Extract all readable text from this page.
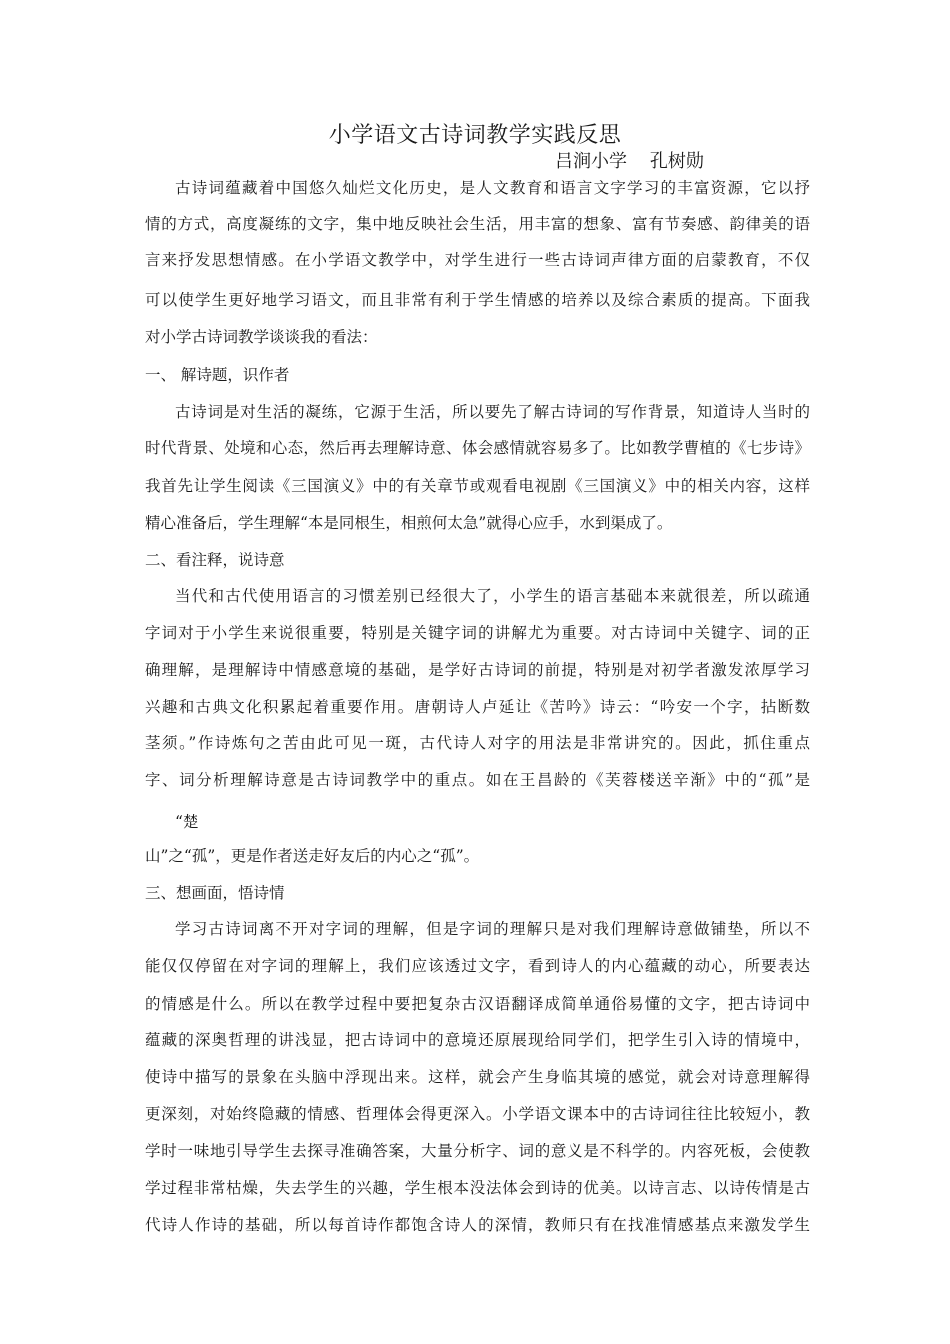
小学语文古诗词教学实践反思
吕涧小学    孔树勋
古诗词蕴藏着中国悠久灿烂文化历史，是人文教育和语言文字学习的丰富资源，它以抒
情的方式，高度凝练的文字，集中地反映社会生活，用丰富的想象、富有节奏感、韵律美的语
言来抒发思想情感。在小学语文教学中，对学生进行一些古诗词声律方面的启蒙教育，不仅
可以使学生更好地学习语文，而且非常有利于学生情感的培养以及综合素质的提高。下面我
对小学古诗词教学谈谈我的看法：
一、 解诗题，识作者
古诗词是对生活的凝练，它源于生活，所以要先了解古诗词的写作背景，知道诗人当时的
时代背景、处境和心态，然后再去理解诗意、体会感情就容易多了。比如教学曹植的《七步诗》
我首先让学生阅读《三国演义》中的有关章节或观看电视剧《三国演义》中的相关内容，这样
精心准备后，学生理解“本是同根生，相煎何太急”就得心应手，水到渠成了。
二、看注释，说诗意
当代和古代使用语言的习惯差别已经很大了，小学生的语言基础本来就很差，所以疏通
字词对于小学生来说很重要，特别是关键字词的讲解尤为重要。对古诗词中关键字、词的正
确理解，是理解诗中情感意境的基础，是学好古诗词的前提，特别是对初学者激发浓厚学习
兴趣和古典文化积累起着重要作用。唐朝诗人卢延让《苦吟》诗云：“吟安一个字，拈断数
茎须。”作诗炼句之苦由此可见一斑，古代诗人对字的用法是非常讲究的。因此，抓住重点
字、词分析理解诗意是古诗词教学中的重点。如在王昌龄的《芙蓉楼送辛渐》中的“孤”是
“楚
山”之“孤”，更是作者送走好友后的内心之“孤”。
三、想画面，悟诗情
学习古诗词离不开对字词的理解，但是字词的理解只是对我们理解诗意做铺垫，所以不
能仅仅停留在对字词的理解上，我们应该透过文字，看到诗人的内心蕴藏的动心，所要表达
的情感是什么。所以在教学过程中要把复杂古汉语翻译成简单通俗易懂的文字，把古诗词中
蕴藏的深奥哲理的讲浅显，把古诗词中的意境还原展现给同学们，把学生引入诗的情境中，
使诗中描写的景象在头脑中浮现出来。这样，就会产生身临其境的感觉，就会对诗意理解得
更深刻，对始终隐藏的情感、哲理体会得更深入。小学语文课本中的古诗词往往比较短小，教
学时一味地引导学生去探寻准确答案，大量分析字、词的意义是不科学的。内容死板，会使教
学过程非常枯燥，失去学生的兴趣，学生根本没法体会到诗的优美。以诗言志、以诗传情是古
代诗人作诗的基础，所以每首诗作都饱含诗人的深情，教师只有在找准情感基点来激发学生
